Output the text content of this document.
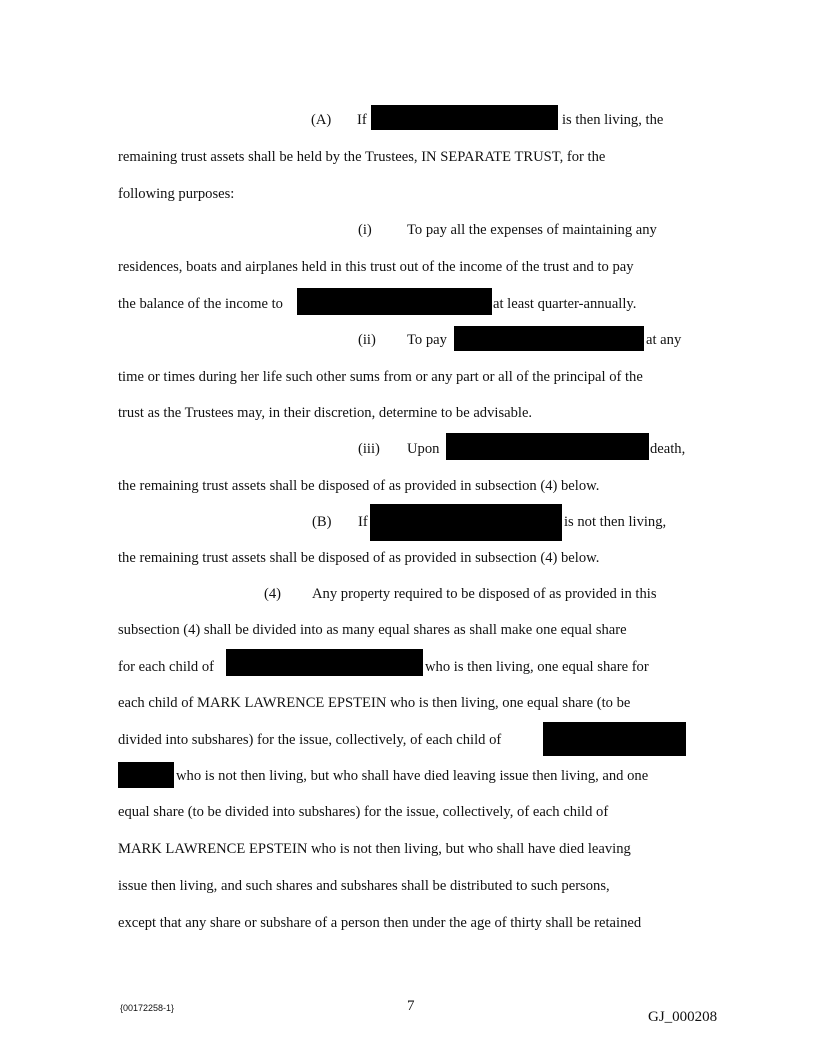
(A) If	is then living, the
remaining trust assets shall be held by the Trustees, IN SEPARATE TRUST, for the
following purposes:
(i) To pay all the expenses of maintaining any
residences, boats and airplanes held in this trust out of the income of the trust and to pay
the balance of the income to	at least quarter-annually.
(ii) To pay	at any
time or times during her life such other sums from or any part or all of the principal of the
trust as the Trustees may, in their discretion, determine to be advisable.
(iii) Upon	death,
the remaining trust assets shall be disposed of as provided in subsection (4) below.
(B) If	is not then living,
the remaining trust assets shall be disposed of as provided in subsection (4) below.
(4) Any property required to be disposed of as provided in this
subsection (4) shall be divided into as many equal shares as shall make one equal share
for each child of	who is then living, one equal share for
each child of MARK LAWRENCE EPSTEIN who is then living, one equal share (to be
divided into subshares) for the issue, collectively, of each child of
who is not then living, but who shall have died leaving issue then living, and one
equal share (to be divided into subshares) for the issue, collectively, of each child of
MARK LAWRENCE EPSTEIN who is not then living, but who shall have died leaving
issue then living, and such shares and subshares shall be distributed to such persons,
except that any share or subshare of a person then under the age of thirty shall be retained
{00172258-1}	7
GJ_000208
